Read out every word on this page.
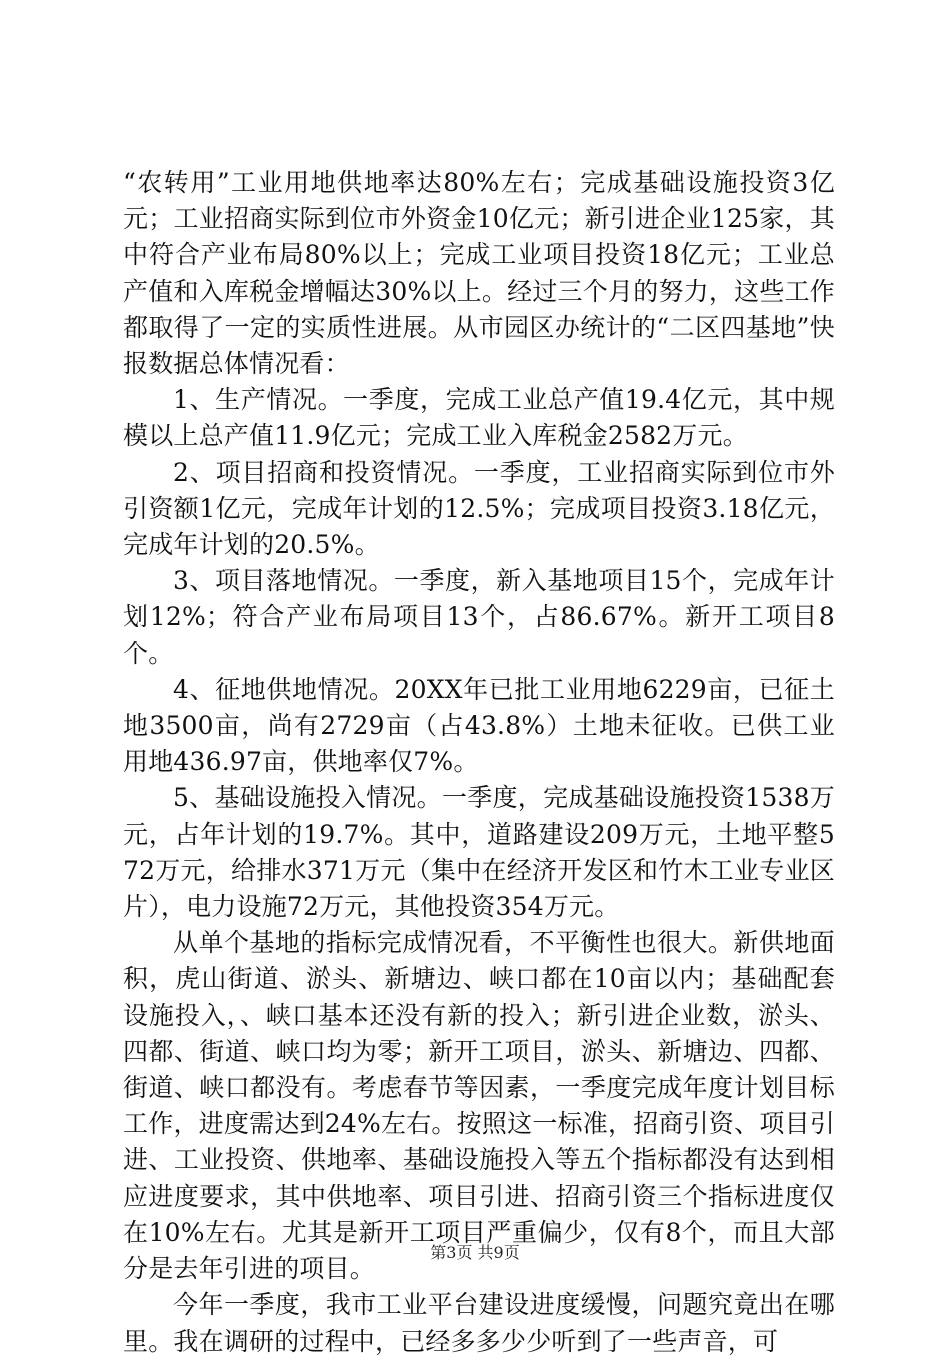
“农转用”工业用地供地率达80%左右；完成基础设施投资3亿元；工业招商实际到位市外资金10亿元；新引进企业125家，其中符合产业布局80%以上；完成工业项目投资18亿元；工业总产值和入库税金增幅达30%以上。经过三个月的努力，这些工作都取得了一定的实质性进展。从市园区办统计的“二区四基地”快报数据总体情况看：

1、生产情况。一季度，完成工业总产值19.4亿元，其中规模以上总产值11.9亿元；完成工业入库税金2582万元。

2、项目招商和投资情况。一季度，工业招商实际到位市外引资额1亿元，完成年计划的12.5%；完成项目投资3.18亿元，完成年计划的20.5%。

3、项目落地情况。一季度，新入基地项目15个，完成年计划12%；符合产业布局项目13个，占86.67%。新开工项目8个。

4、征地供地情况。20XX年已批工业用地6229亩，已征土地3500亩，尚有2729亩（占43.8%）土地未征收。已供工业用地436.97亩，供地率仅7%。

5、基础设施投入情况。一季度，完成基础设施投资1538万元，占年计划的19.7%。其中，道路建设209万元，土地平整572万元，给排水371万元（集中在经济开发区和竹木工业专业区片），电力设施72万元，其他投资354万元。

从单个基地的指标完成情况看，不平衡性也很大。新供地面积，虎山街道、淤头、新塘边、峡口都在10亩以内；基础配套设施投入，、峡口基本还没有新的投入；新引进企业数，淤头、四都、街道、峡口均为零；新开工项目，淤头、新塘边、四都、街道、峡口都没有。考虑春节等因素，一季度完成年度计划目标工作，进度需达到24%左右。按照这一标准，招商引资、项目引进、工业投资、供地率、基础设施投入等五个指标都没有达到相应进度要求，其中供地率、项目引进、招商引资三个指标进度仅在10%左右。尤其是新开工项目严重偏少，仅有8个，而且大部分是去年引进的项目。

今年一季度，我市工业平台建设进度缓慢，问题究竟出在哪里。我在调研的过程中，已经多多少少听到了一些声音，可

第3页 共9页
